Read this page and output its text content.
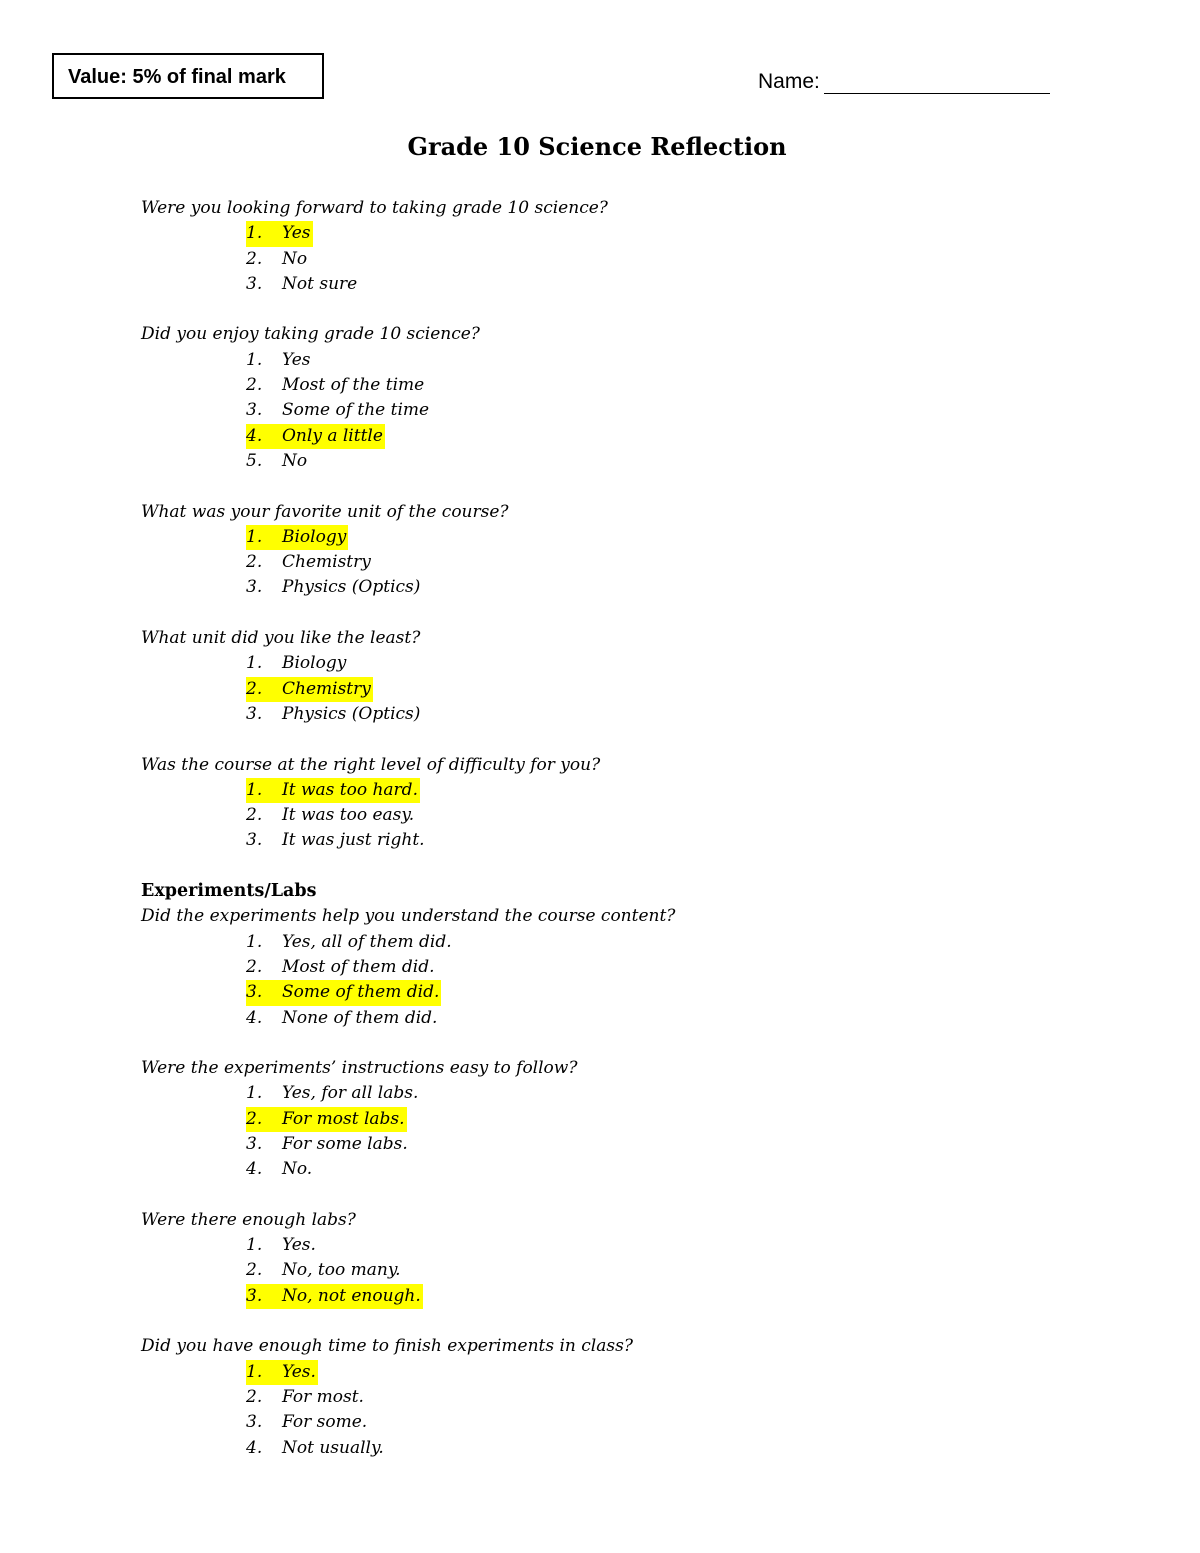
Value: 5% of final mark	Name:
Grade 10 Science Reflection
Were you looking forward to taking grade 10 science?
1. Yes
2. No
3. Not sure
Did you enjoy taking grade 10 science?
1. Yes
2. Most of the time
3. Some of the time
4. Only a little
5. No
What was your favorite unit of the course?
1. Biology
2. Chemistry
3. Physics (Optics)
What unit did you like the least?
1. Biology
2. Chemistry
3. Physics (Optics)
Was the course at the right level of difficulty for you?
1. It was too hard.
2. It was too easy.
3. It was just right.
Experiments/Labs
Did the experiments help you understand the course content?
1. Yes, all of them did.
2. Most of them did.
3. Some of them did.
4. None of them did.
Were the experiments’ instructions easy to follow?
1. Yes, for all labs.
2. For most labs.
3. For some labs.
4. No.
Were there enough labs?
1. Yes.
2. No, too many.
3. No, not enough.
Did you have enough time to finish experiments in class?
1. Yes.
2. For most.
3. For some.
4. Not usually.
